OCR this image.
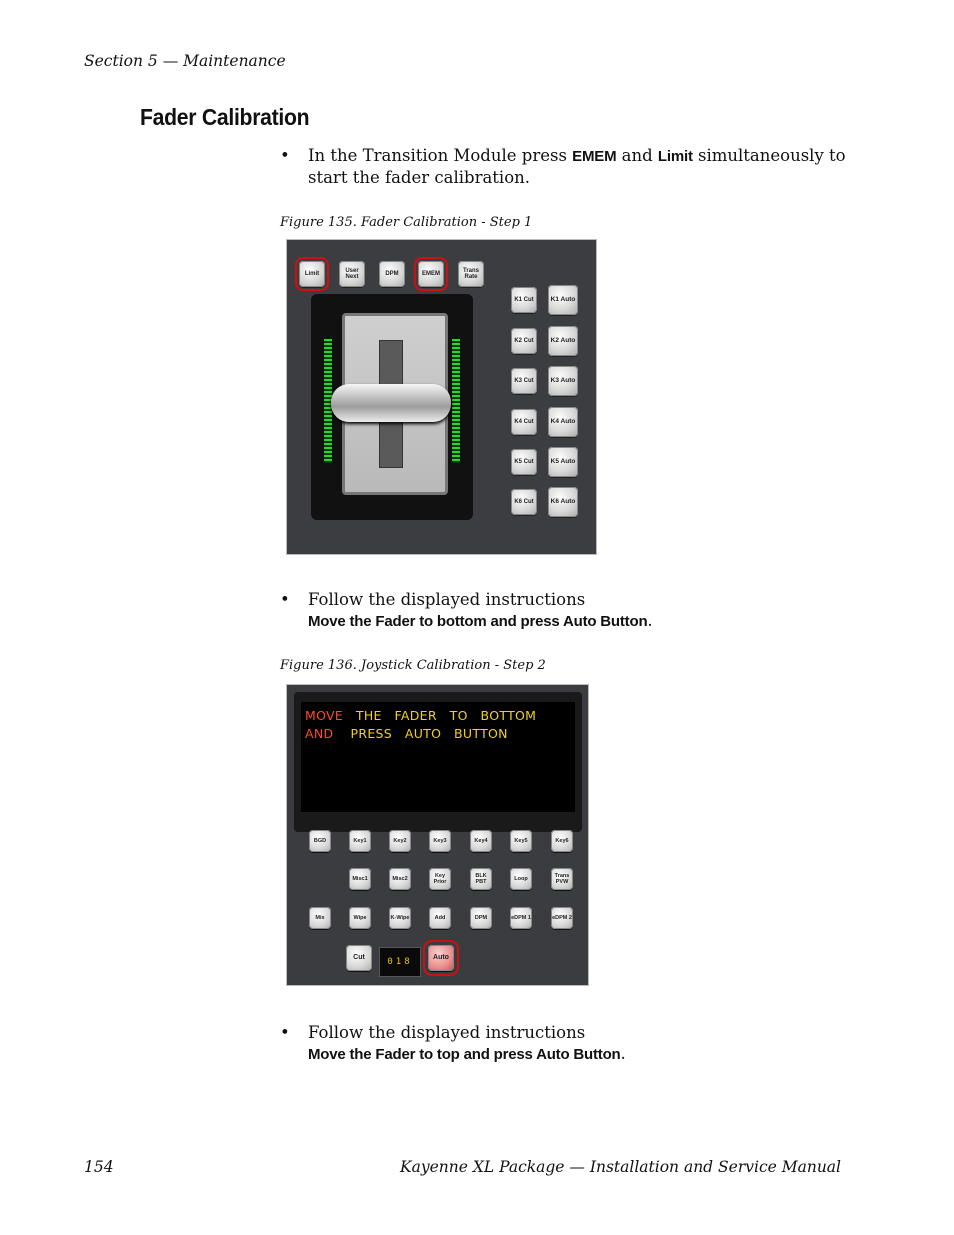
Section 5 — Maintenance
Fader Calibration
• In the Transition Module press EMEM and Limit simultaneously to start the fader calibration.
Figure 135. Fader Calibration - Step 1
Limit	User Next	DPM	EMEM	Trans Rate
K1 Cut	K1 Auto
K2 Cut	K2 Auto
K3 Cut	K3 Auto
K4 Cut	K4 Auto
K5 Cut	K5 Auto
K6 Cut	K6 Auto
• Follow the displayed instructions
Move the Fader to bottom and press Auto Button.
Figure 136. Joystick Calibration - Step 2
MOVE THE   FADER   TO   BOTTOM
AND PRESS   AUTO   BUTTON
BGD	Key1	Key2	Key3	Key4	Key5	Key6
Misc1	Misc2	Key Prior
BLK PBT	Loop	Trans PVW
Mix	Wipe	K-Wipe	Add	DPM	eDPM 1	eDPM 2
Cut	018	Auto
• Follow the displayed instructions
Move the Fader to top and press Auto Button.
154	Kayenne XL Package — Installation and Service Manual
